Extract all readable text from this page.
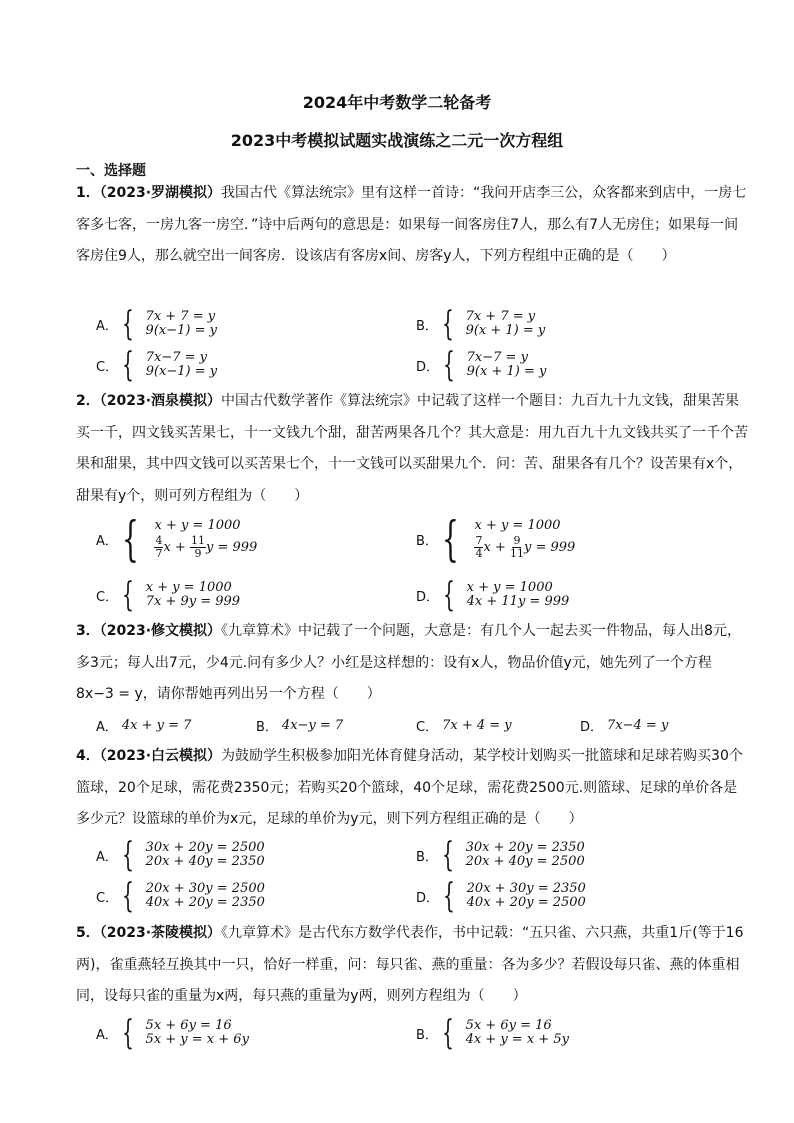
2024年中考数学二轮备考
2023中考模拟试题实战演练之二元一次方程组
一、选择题
1．（2023·罗湖模拟）我国古代《算法统宗》里有这样一首诗：“我问开店李三公，众客都来到店中，一房七客多七客，一房九客一房空．”诗中后两句的意思是：如果每一间客房住7人，那么有7人无房住；如果每一间客房住9人，那么就空出一间客房．设该店有客房x间、房客y人，下列方程组中正确的是（　　）
A． { 7x + 7 = y
9(x−1) = y	B． { 7x + 7 = y
9(x + 1) = y
C． { 7x−7 = y
9(x−1) = y	D． { 7x−7 = y
9(x + 1) = y
2．（2023·酒泉模拟）中国古代数学著作《算法统宗》中记载了这样一个题目：九百九十九文钱，甜果苦果买一千，四文钱买苦果七，十一文钱九个甜，甜苦两果各几个？其大意是：用九百九十九文钱共买了一千个苦果和甜果，其中四文钱可以买苦果七个，十一文钱可以买甜果九个．问：苦、甜果各有几个？设苦果有x个，甜果有y个，则可列方程组为（　　）
A． { x + y = 1000
$\frac{4}{7}$ $x + \frac{11}{9}$ y = 999	B． { x + y = 1000
$\frac{7}{4}$ $x + \frac{9}{11}$ y = 999
C． { x + y = 1000
7x + 9y = 999	D． { x + y = 1000
4x + 11y = 999
3．（2023·修文模拟）《九章算术》中记载了一个问题，大意是：有几个人一起去买一件物品，每人出8元，多3元；每人出7元，少4元.问有多少人？小红是这样想的：设有x人，物品价值y元，她先列了一个方程8x−3 = y，请你帮她再列出另一个方程（　　）
A． 4x + y = 7	B． 4x−y = 7	C． 7x + 4 = y	D． 7x−4 = y
4．（2023·白云模拟）为鼓励学生积极参加阳光体育健身活动，某学校计划购买一批篮球和足球若购买30个篮球，20个足球，需花费2350元；若购买20个篮球，40个足球，需花费2500元.则篮球、足球的单价各是多少元？设篮球的单价为x元，足球的单价为y元，则下列方程组正确的是（　　）
A． { 30x + 20y = 2500
20x + 40y = 2350	B． { 30x + 20y = 2350
20x + 40y = 2500
C． { 20x + 30y = 2500
40x + 20y = 2350	D． { 20x + 30y = 2350
40x + 20y = 2500
5．（2023·茶陵模拟）《九章算术》是古代东方数学代表作，书中记载：“五只雀、六只燕，共重1斤(等于16两)，雀重燕轻互换其中一只，恰好一样重，问：每只雀、燕的重量：各为多少？若假设每只雀、燕的体重相同，设每只雀的重量为x两，每只燕的重量为y两，则列方程组为（　　）
A． { 5x + 6y = 16
5x + y = x + 6y	B． { 5x + 6y = 16
4x + y = x + 5y
